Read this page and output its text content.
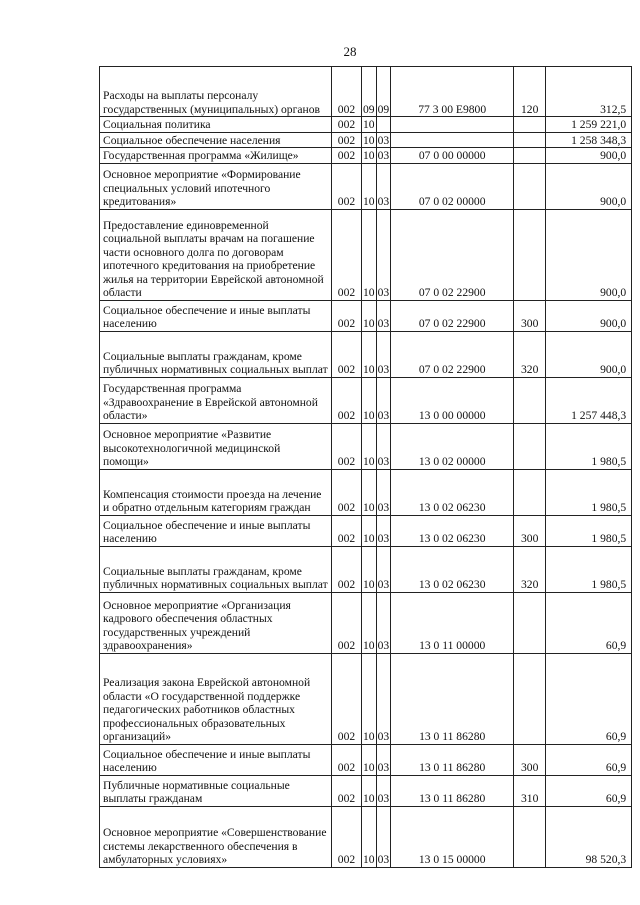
28
Расходы на выплаты персоналу государственных (муниципальных) органов	002	09	09	77 3 00 Е9800	120	312,5
Социальная политика	002	10				1 259 221,0
Социальное обеспечение населения	002	10	03			1 258 348,3
Государственная программа «Жилище»	002	10	03	07 0 00 00000		900,0
Основное мероприятие «Формирование специальных условий ипотечного кредитования»	002	10	03	07 0 02 00000		900,0
Предоставление единовременной социальной выплаты врачам на погашение части основного долга по договорам ипотечного кредитования на приобретение жилья на территории Еврейской автономной области	002	10	03	07 0 02 22900		900,0
Социальное обеспечение и иные выплаты населению	002	10	03	07 0 02 22900	300	900,0
Социальные выплаты гражданам, кроме публичных нормативных социальных выплат	002	10	03	07 0 02 22900	320	900,0
Государственная программа «Здравоохранение в Еврейской автономной области»	002	10	03	13 0 00 00000		1 257 448,3
Основное мероприятие «Развитие высокотехнологичной медицинской помощи»	002	10	03	13 0 02 00000		1 980,5
Компенсация стоимости проезда на лечение и обратно отдельным категориям граждан	002	10	03	13 0 02 06230		1 980,5
Социальное обеспечение и иные выплаты населению	002	10	03	13 0 02 06230	300	1 980,5
Социальные выплаты гражданам, кроме публичных нормативных социальных выплат	002	10	03	13 0 02 06230	320	1 980,5
Основное мероприятие «Организация кадрового обеспечения областных государственных учреждений здравоохранения»	002	10	03	13 0 11 00000		60,9
Реализация закона Еврейской автономной области «О государственной поддержке педагогических работников областных профессиональных образовательных организаций»	002	10	03	13 0 11 86280		60,9
Социальное обеспечение и иные выплаты населению	002	10	03	13 0 11 86280	300	60,9
Публичные нормативные социальные выплаты гражданам	002	10	03	13 0 11 86280	310	60,9
Основное мероприятие «Совершенствование системы лекарственного обеспечения в амбулаторных условиях»	002	10	03	13 0 15 00000		98 520,3
